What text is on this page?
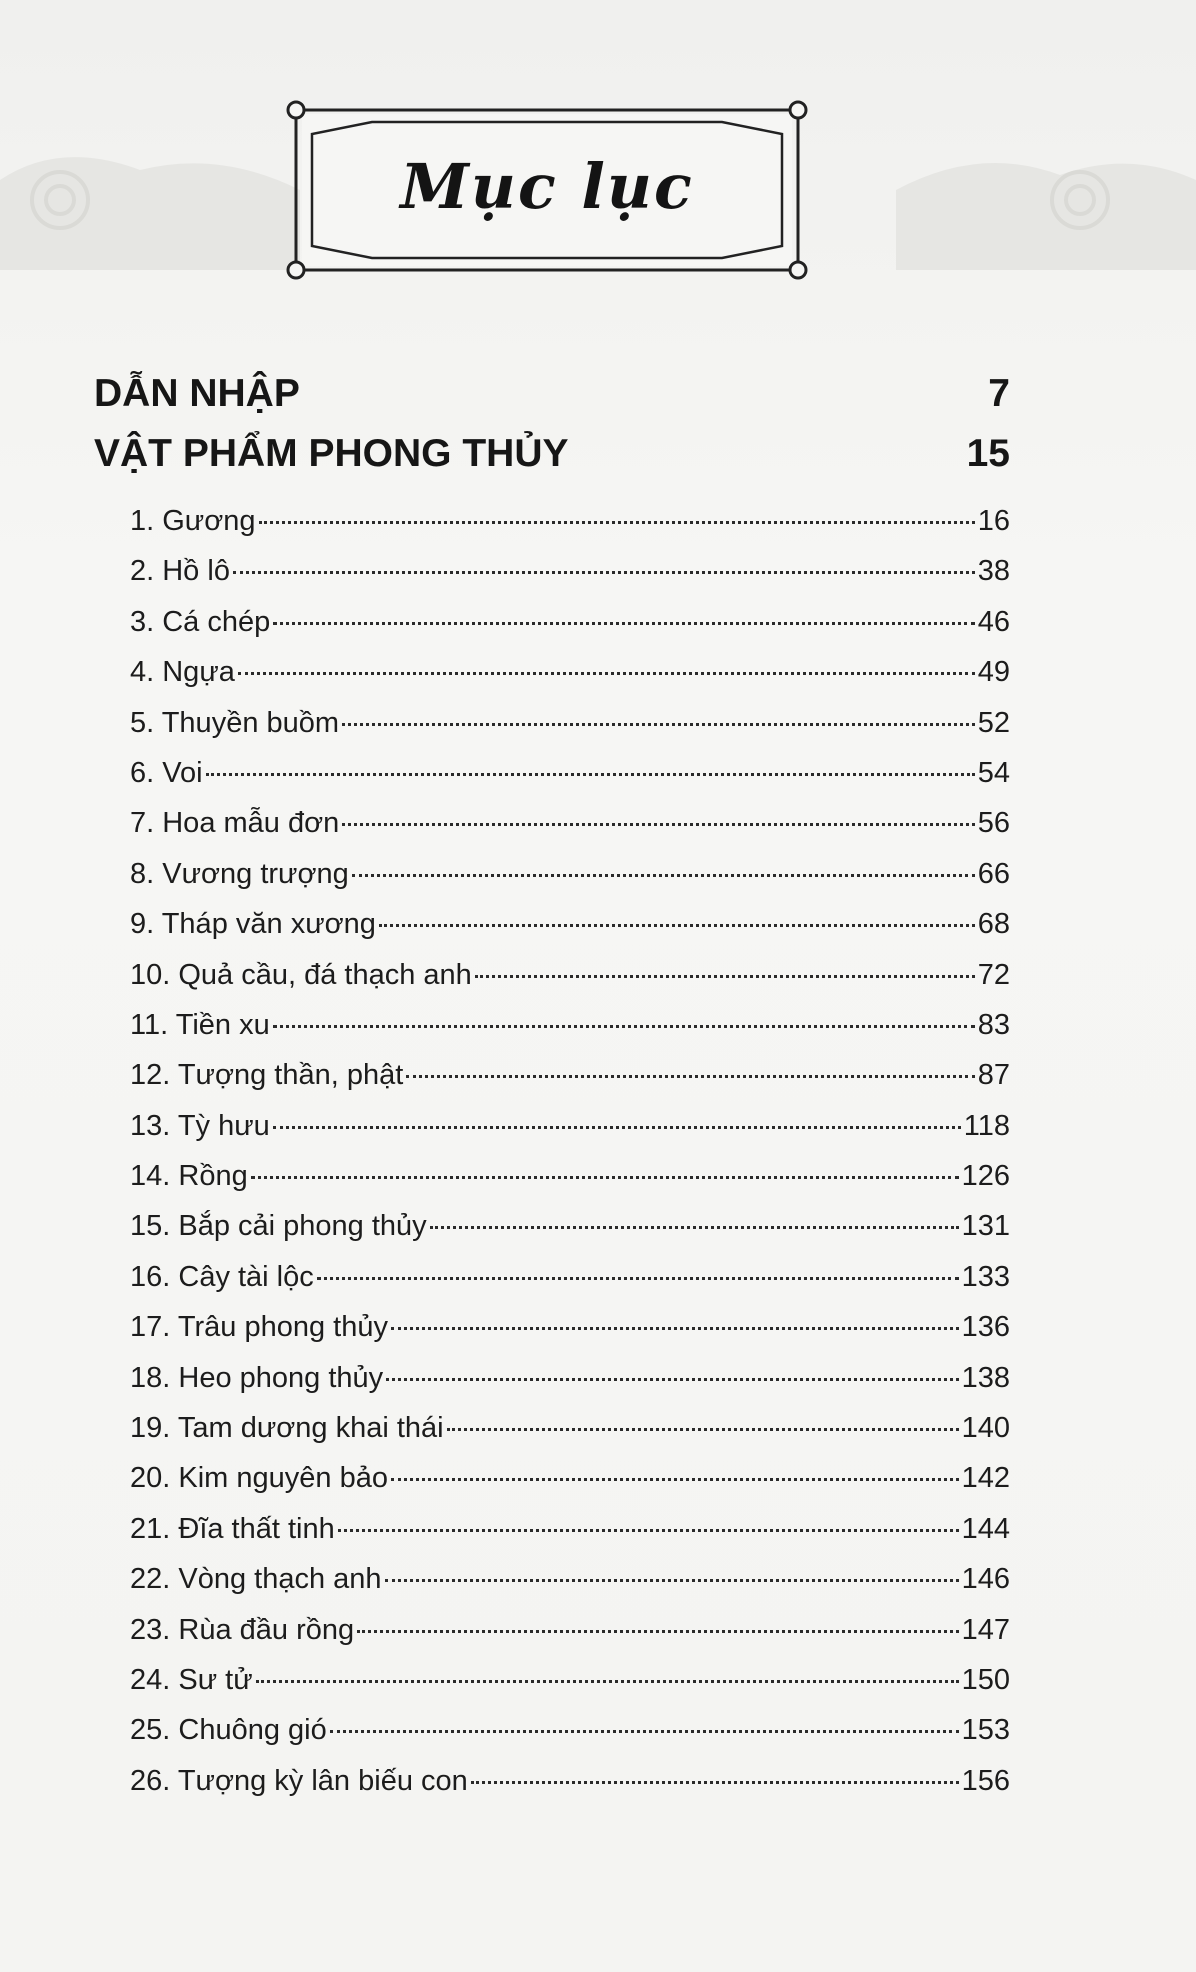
Mục lục
DẪN NHẬP	7
VẬT PHẨM PHONG THỦY	15
1. Gương	16
2. Hồ lô	38
3. Cá chép	46
4. Ngựa	49
5. Thuyền buồm	52
6. Voi	54
7. Hoa mẫu đơn	56
8. Vương trượng	66
9. Tháp văn xương	68
10. Quả cầu, đá thạch anh	72
11. Tiền xu	83
12. Tượng thần, phật	87
13. Tỳ hưu	118
14. Rồng	126
15. Bắp cải phong thủy	131
16. Cây tài lộc	133
17. Trâu phong thủy	136
18. Heo phong thủy	138
19. Tam dương khai thái	140
20. Kim nguyên bảo	142
21. Đĩa thất tinh	144
22. Vòng thạch anh	146
23. Rùa đầu rồng	147
24. Sư tử	150
25. Chuông gió	153
26. Tượng kỳ lân biếu con	156
